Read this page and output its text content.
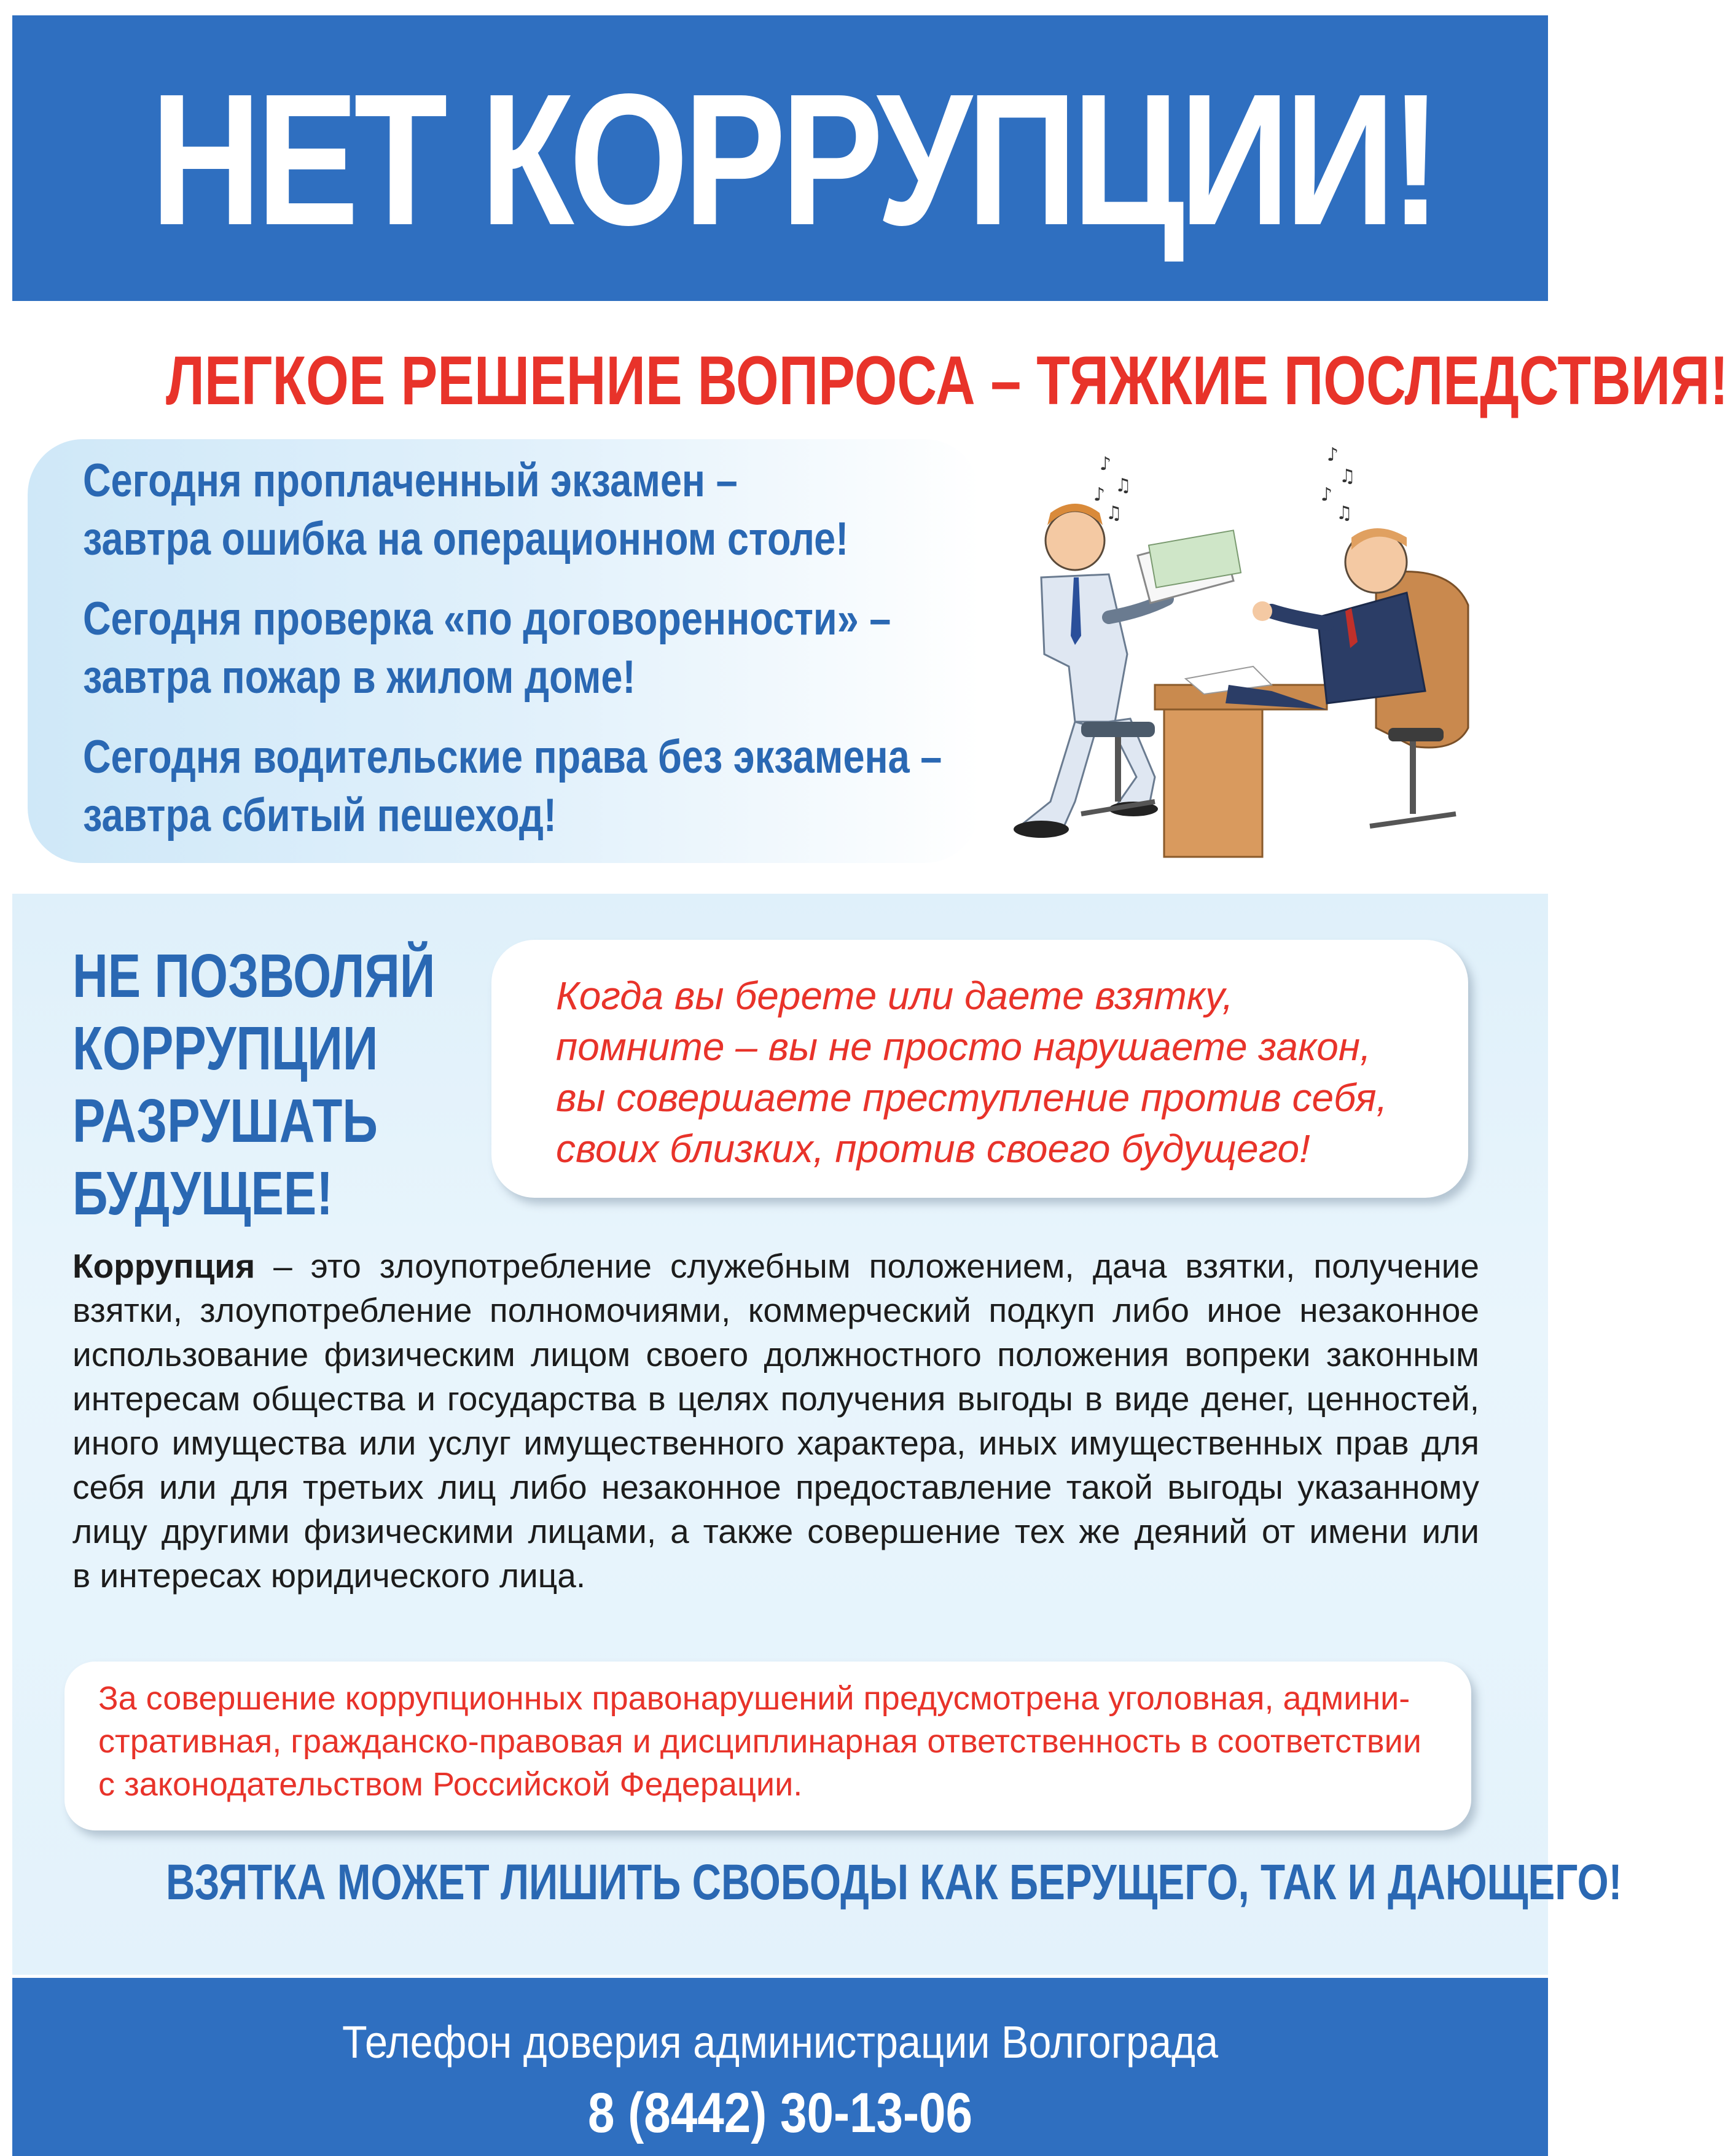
НЕТ КОРРУПЦИИ!
ЛЕГКОЕ РЕШЕНИЕ ВОПРОСА – ТЯЖКИЕ ПОСЛЕДСТВИЯ!
Сегодня проплаченный экзамен –
завтра ошибка на операционном столе!
Сегодня проверка «по договоренности» –
завтра пожар в жилом доме!
Сегодня водительские права без экзамена –
завтра сбитый пешеход!
♪
♫
♪
♫
♪
♫
♪
♫
НЕ ПОЗВОЛЯЙ
КОРРУПЦИИ
РАЗРУШАТЬ
БУДУЩЕЕ!
Когда вы берете или даете взятку,
помните – вы не просто нарушаете закон,
вы совершаете преступление против себя,
своих близких, против своего будущего!
Коррупция – это злоупотребление служебным положением, дача взятки, получение
взятки, злоупотребление полномочиями, коммерческий подкуп либо иное незаконное
использование физическим лицом своего должностного положения вопреки законным
интересам общества и государства в целях получения выгоды в виде денег, ценностей,
иного имущества или услуг имущественного характера, иных имущественных прав для
себя или для третьих лиц либо незаконное предоставление такой выгоды указанному
лицу другими физическими лицами, а также совершение тех же деяний от имени или
в интересах юридического лица.
За совершение коррупционных правонарушений предусмотрена уголовная, админи-
стративная, гражданско-правовая и дисциплинарная ответственность в соответствии
с законодательством Российской Федерации.
ВЗЯТКА МОЖЕТ ЛИШИТЬ СВОБОДЫ КАК БЕРУЩЕГО, ТАК И ДАЮЩЕГО!
Телефон доверия администрации Волгограда
8 (8442) 30-13-06
